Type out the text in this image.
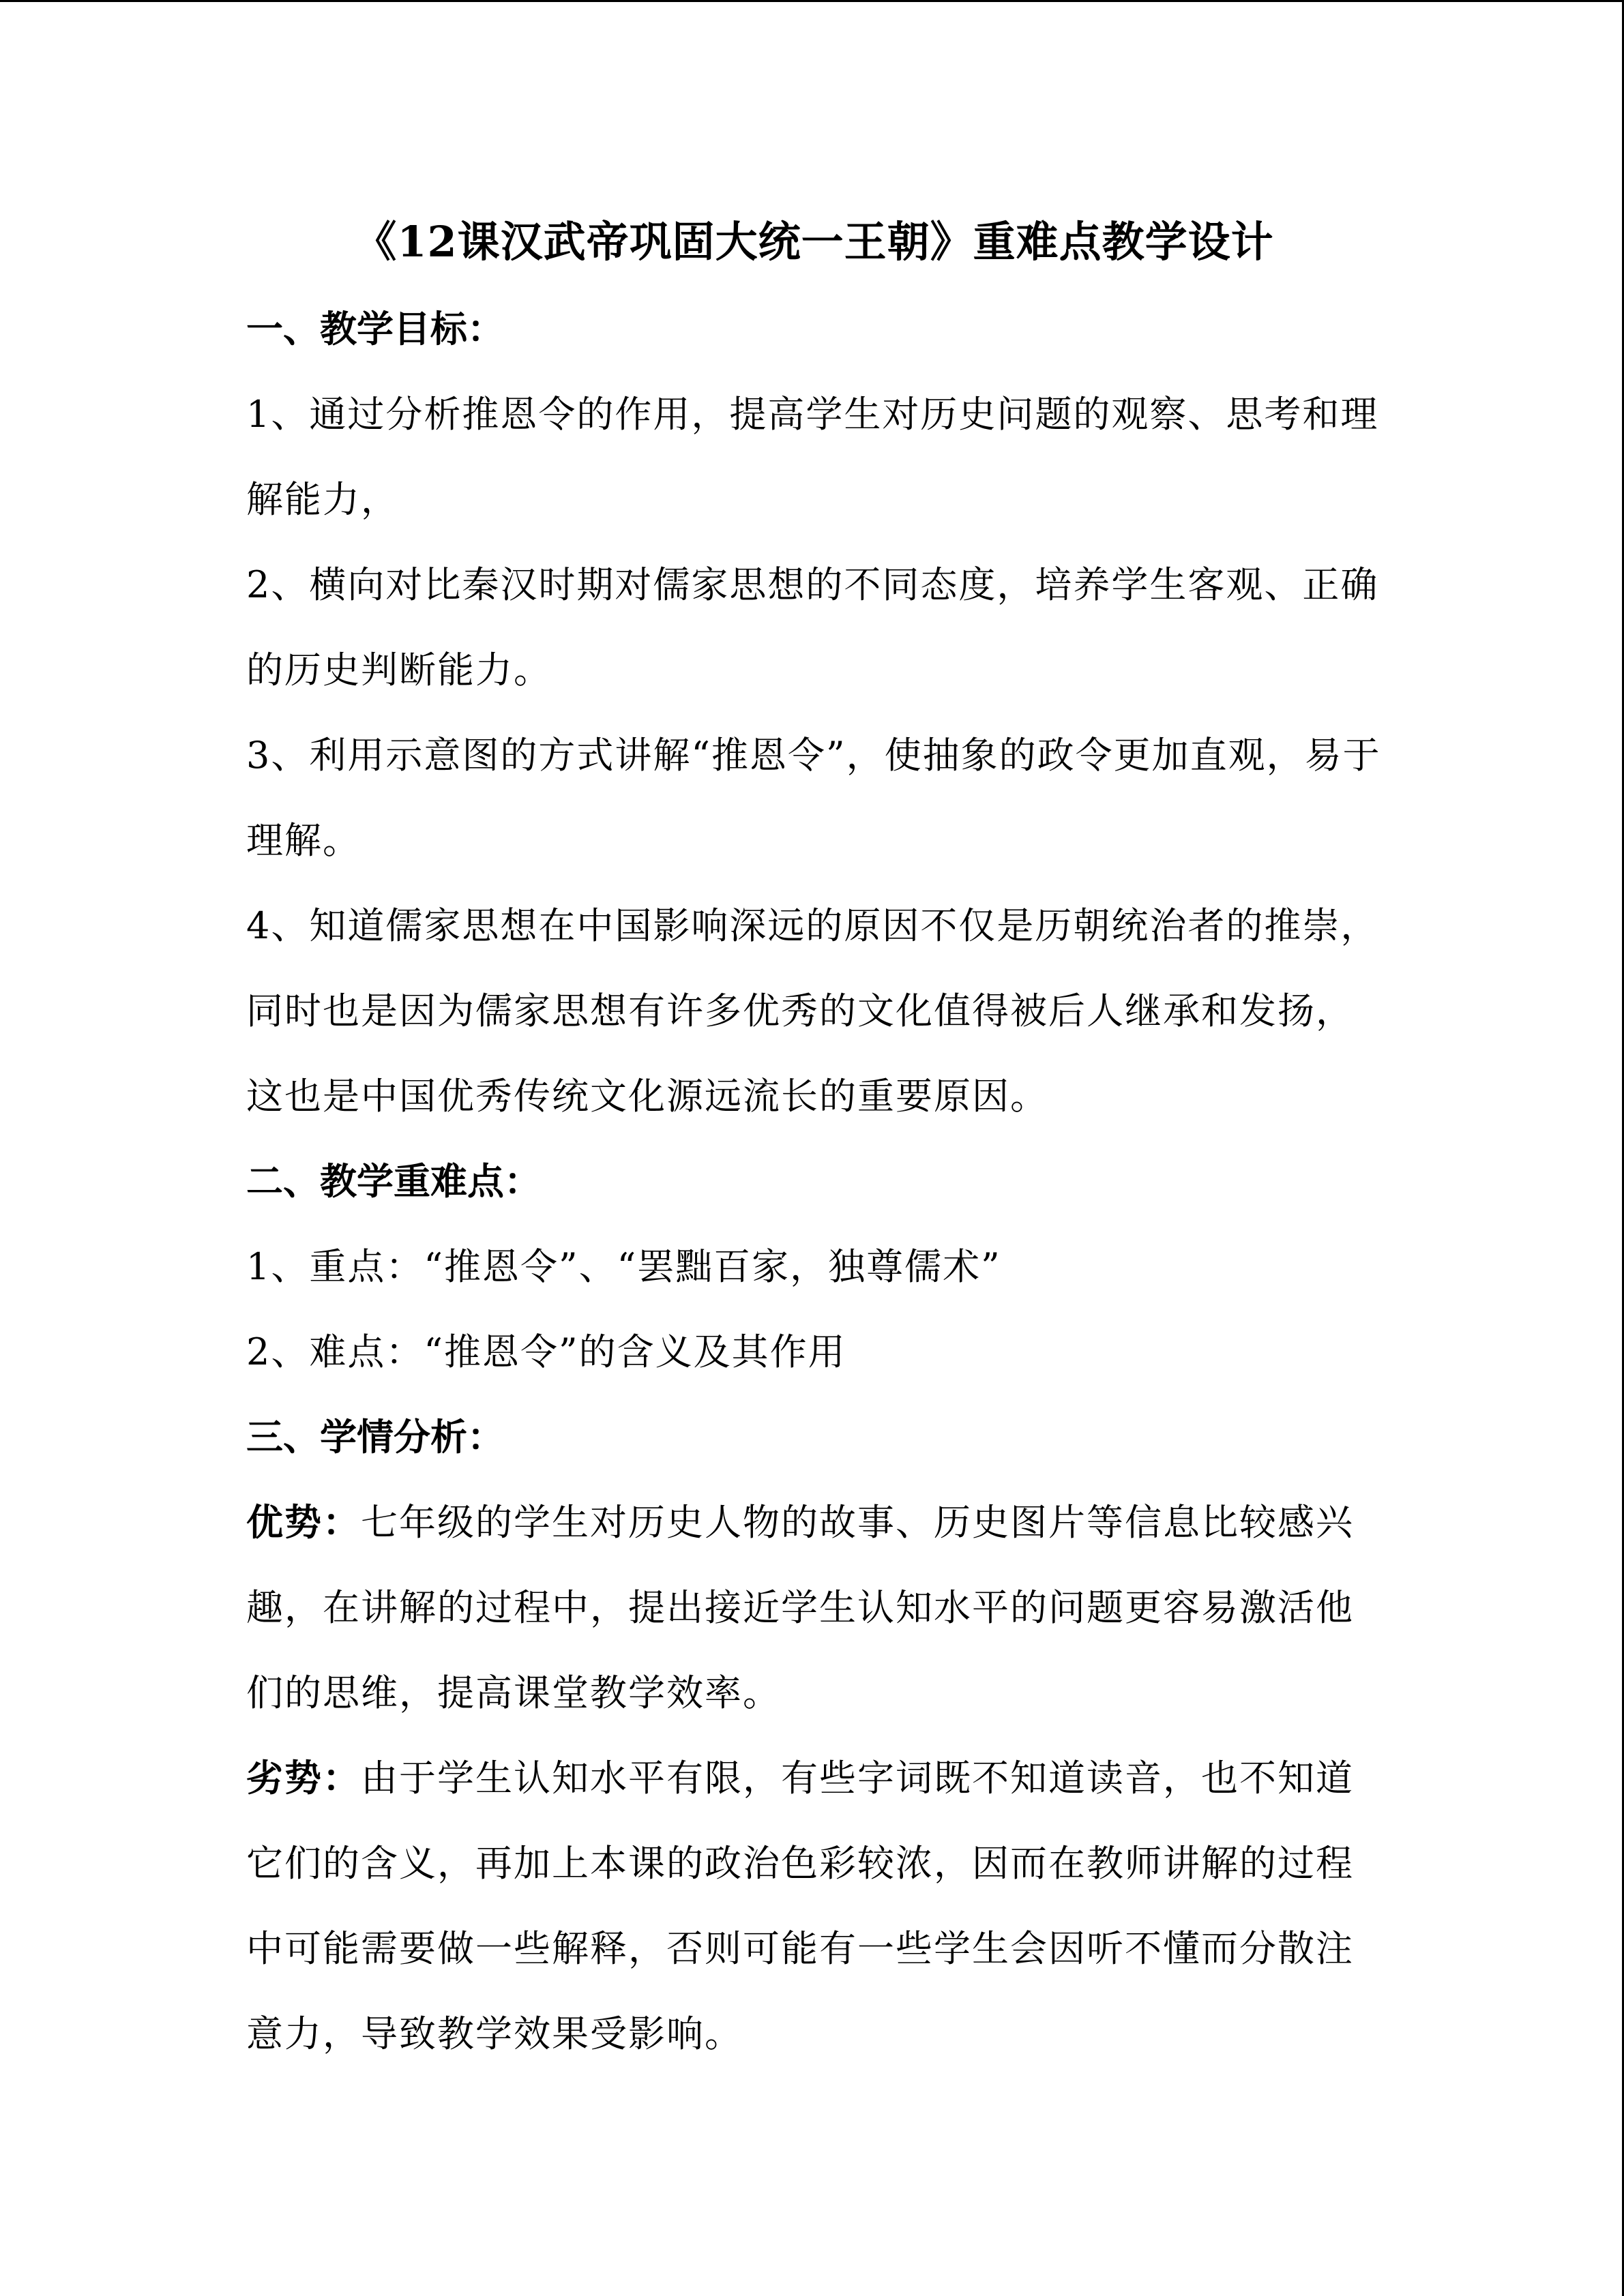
《12课汉武帝巩固大统一王朝》重难点教学设计
一、教学目标：

1、通过分析推恩令的作用，提高学生对历史问题的观察、思考和理解能力，

2、横向对比秦汉时期对儒家思想的不同态度，培养学生客观、正确的历史判断能力。

3、利用示意图的方式讲解“推恩令”，使抽象的政令更加直观，易于理解。

4、知道儒家思想在中国影响深远的原因不仅是历朝统治者的推崇，同时也是因为儒家思想有许多优秀的文化值得被后人继承和发扬，这也是中国优秀传统文化源远流长的重要原因。

二、教学重难点：

1、重点：“推恩令”、“罢黜百家，独尊儒术”

2、难点：“推恩令”的含义及其作用

三、学情分析：

优势：七年级的学生对历史人物的故事、历史图片等信息比较感兴趣，在讲解的过程中，提出接近学生认知水平的问题更容易激活他们的思维，提高课堂教学效率。

劣势：由于学生认知水平有限，有些字词既不知道读音，也不知道它们的含义，再加上本课的政治色彩较浓，因而在教师讲解的过程中可能需要做一些解释，否则可能有一些学生会因听不懂而分散注意力，导致教学效果受影响。
